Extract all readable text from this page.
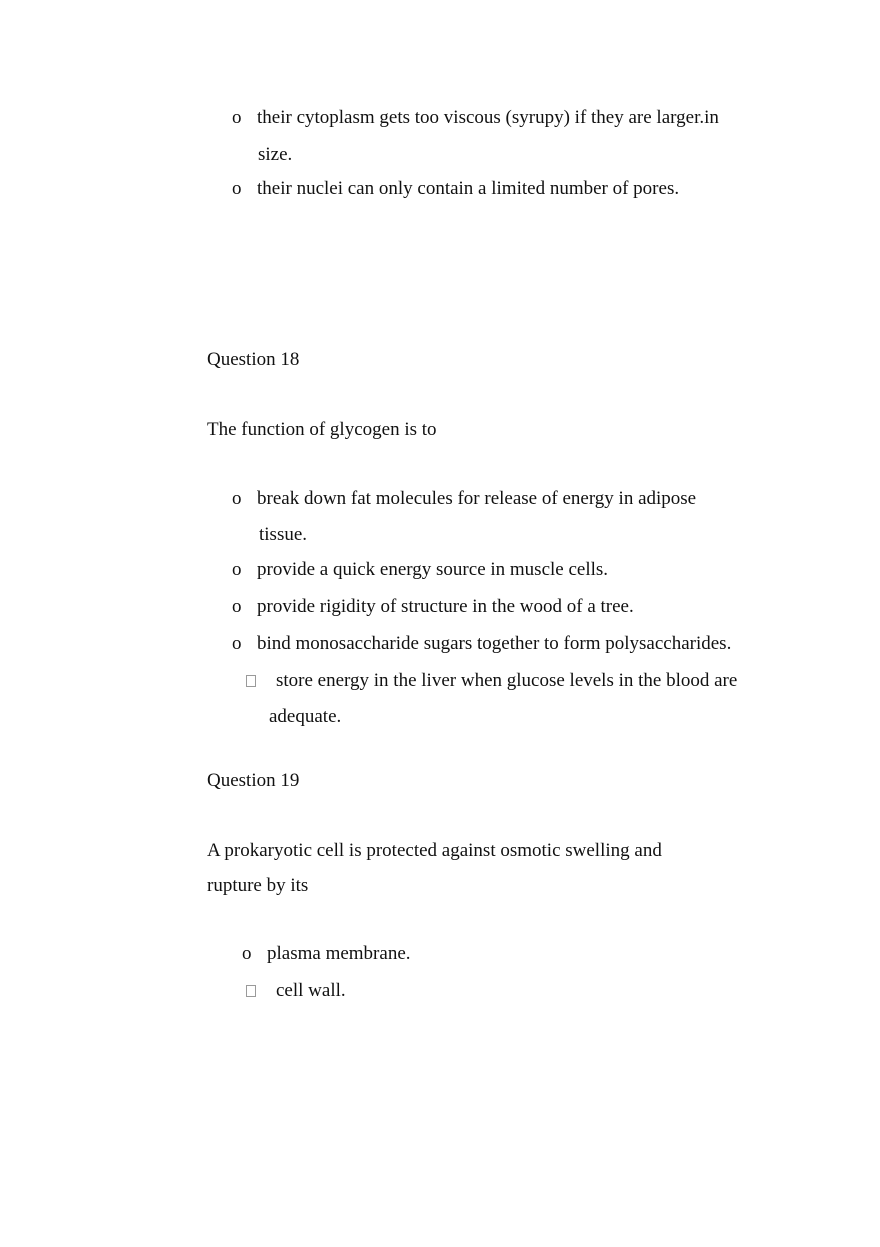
o their cytoplasm gets too viscous (syrupy) if they are larger.in
size.
o their nuclei can only contain a limited number of pores.
Question 18
The function of glycogen is to
o break down fat molecules for release of energy in adipose
tissue.
o provide a quick energy source in muscle cells.
o provide rigidity of structure in the wood of a tree.
o bind monosaccharide sugars together to form polysaccharides.
store energy in the liver when glucose levels in the blood are
adequate.
Question 19
A prokaryotic cell is protected against osmotic swelling and
rupture by its
o plasma membrane.
cell wall.
